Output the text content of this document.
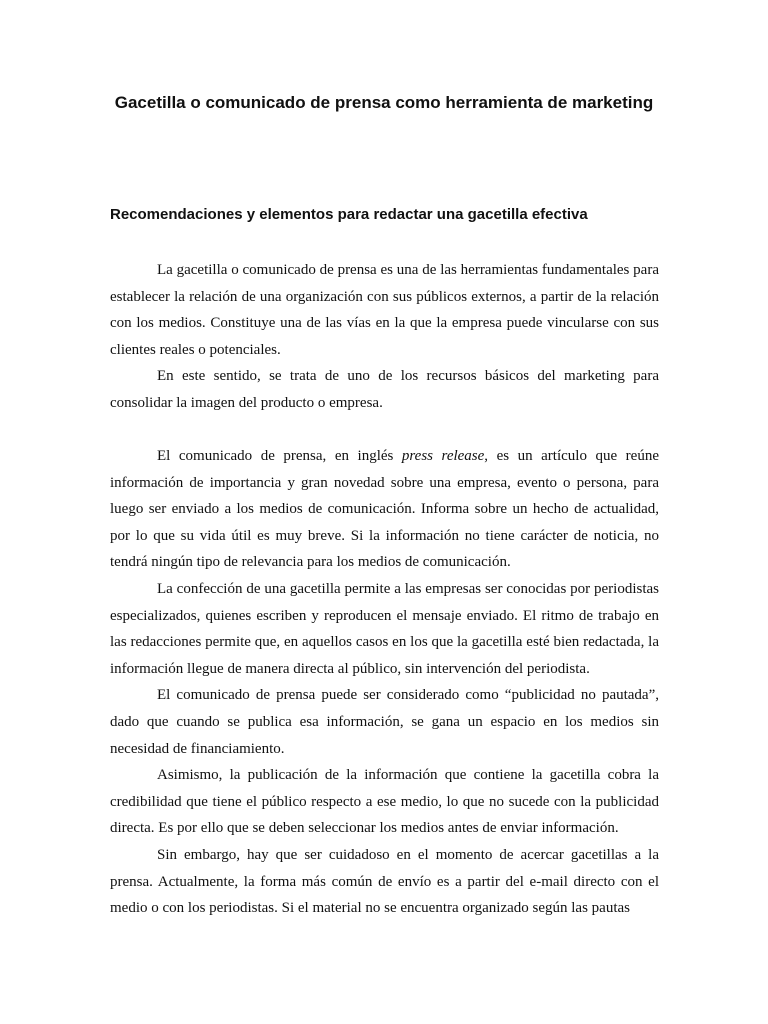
Gacetilla o comunicado de prensa como herramienta de marketing
Recomendaciones y elementos para redactar una gacetilla efectiva

La gacetilla o comunicado de prensa es una de las herramientas fundamentales para establecer la relación de una organización con sus públicos externos, a partir de la relación con los medios. Constituye una de las vías en la que la empresa puede vincularse con sus clientes reales o potenciales.

En este sentido, se trata de uno de los recursos básicos del marketing para consolidar la imagen del producto o empresa.

El comunicado de prensa, en inglés press release, es un artículo que reúne información de importancia y gran novedad sobre una empresa, evento o persona, para luego ser enviado a los medios de comunicación. Informa sobre un hecho de actualidad, por lo que su vida útil es muy breve. Si la información no tiene carácter de noticia, no tendrá ningún tipo de relevancia para los medios de comunicación.

La confección de una gacetilla permite a las empresas ser conocidas por periodistas especializados, quienes escriben y reproducen el mensaje enviado. El ritmo de trabajo en las redacciones permite que, en aquellos casos en los que la gacetilla esté bien redactada, la información llegue de manera directa al público, sin intervención del periodista.

El comunicado de prensa puede ser considerado como “publicidad no pautada”, dado que cuando se publica esa información, se gana un espacio en los medios sin necesidad de financiamiento.

Asimismo, la publicación de la información que contiene la gacetilla cobra la credibilidad que tiene el público respecto a ese medio, lo que no sucede con la publicidad directa. Es por ello que se deben seleccionar los medios antes de enviar información.

Sin embargo, hay que ser cuidadoso en el momento de acercar gacetillas a la prensa. Actualmente, la forma más común de envío es a partir del e-mail directo con el medio o con los periodistas. Si el material no se encuentra organizado según las pautas
